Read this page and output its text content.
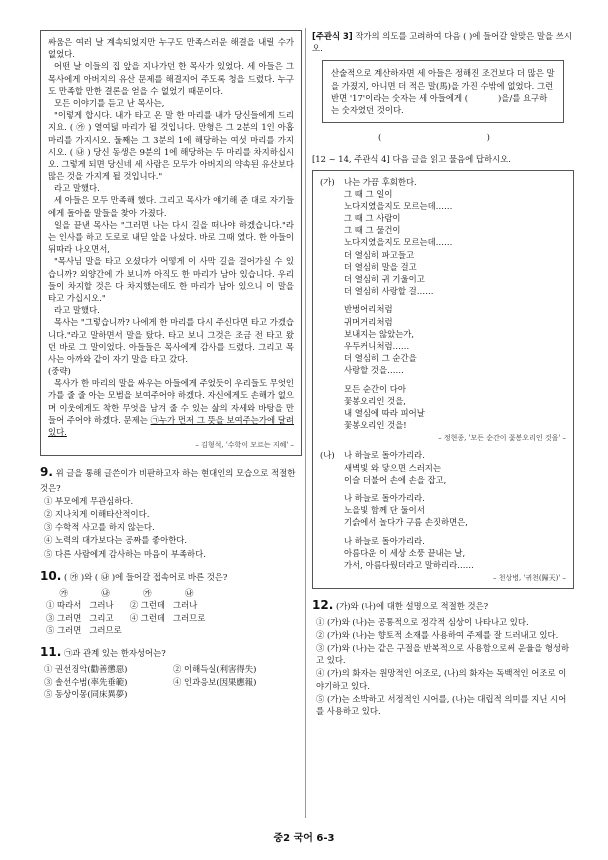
싸움은 여러 날 계속되었지만 누구도 만족스러운 해결을 내릴 수가 없었다.

어떤 날 이들의 집 앞을 지나가던 한 목사가 있었다. 세 아들은 그 목사에게 아버지의 유산 문제를 해결지어 주도록 청을 드렸다. 누구도 만족할 만한 결론을 얻을 수 없었기 때문이다.

모든 이야기를 듣고 난 목사는,

"이렇게 합시다. 내가 타고 온 말 한 마리를 내가 당신들에게 드리지요. ( ㉮ ) 열여덟 마리가 될 것입니다. 만형은 그 2분의 1인 아홉 마리를 가지시오. 둘째는 그 3분의 1에 해당하는 여섯 마리를 가지시오. ( ㉯ ) 당신 동생은 9분의 1에 해당하는 두 마리를 차지하십시오. 그렇게 되면 당신네 세 사람은 모두가 아버지의 약속된 유산보다 많은 것을 가지게 될 것입니다."

라고 말했다.

세 아들은 모두 만족해 했다. 그리고 목사가 얘기해 준 대로 자기들에게 돌아올 말들을 찾아 가졌다.

일을 끝낸 목사는 "그러면 나는 다시 길을 떠나야 하겠습니다."라는 인사를 하고 도로로 내딛 앞을 나섰다. 바로 그때 였다. 한 아들이 뒤따라 나오면서,

"목사님 말을 타고 오셨다가 어떻게 이 사막 길을 걸어가실 수 있습니까? 외양간에 가 보니까 아직도 한 마리가 남아 있습니다. 우리들이 차지할 것은 다 차지했는데도 한 마리가 남아 있으니 이 말을 타고 가십시오."

라고 말했다.

목사는 "그렇습니까? 나에게 한 마리를 다시 주신다면 타고 가겠습니다."라고 말하면서 말을 탔다. 타고 보니 그것은 조금 전 타고 왔던 바로 그 말이었다. 아들들은 목사에게 감사를 드렸다. 그리고 목사는 아까와 같이 자기 말을 타고 갔다.

(중략)

목사가 한 마리의 말을 싸우는 아들에게 주었듯이 우리들도 무엇인가를 줄 줄 아는 모범을 보여주어야 하겠다. 자신에게도 손해가 없으며 이웃에게도 착한 무엇을 남겨 줄 수 있는 삶의 자세와 바탕을 만들어 주어야 하겠다. 문제는 ㉠누가 먼저 그 뜻을 보여주는가에 달려 있다.

– 김형석, '수학이 모르는 지혜' –
9. 위 글을 통해 글쓴이가 비판하고자 하는 현대인의 모습으로 적절한 것은?
① 부모에게 무관심하다.
② 지나치게 이해타산적이다.
③ 수학적 사고를 하지 않는다.
④ 노력의 대가보다는 공짜를 좋아한다.
⑤ 다른 사람에게 감사하는 마음이 부족하다.
10. ( ㉮ )와 ( ㉯ )에 들어갈 접속어로 바른 것은?
㉮	㉯	㉮	㉯
① 따라서	그러나	② 그런데	그러나
③ 그러면	그리고	④ 그런데	그러므로
⑤ 그러면	그러므로		
11. ㉠과 관계 있는 한자성어는?
① 권선징악(勸善懲惡)	② 이해득실(利害得失)
③ 솔선수범(率先垂範)	④ 인과응보(因果應報)
⑤ 동상이몽(同床異夢)
[주관식 3] 작가의 의도를 고려하여 다음 ( )에 들어갈 알맞은 말을 쓰시오.
산술적으로 계산하자면 세 아들은 정해진 조건보다 더 많은 말을 가졌지, 아니면 더 적은 말(馬)을 가진 수밖에 없었다. 그런 반면 '17'이라는 숫자는 세 아들에게 (	)을/를 요구하는 숫자였던 것이다.
(	)
[12 ~ 14, 주관식 4] 다음 글을 읽고 물음에 답하시오.
(가) 나는 가끔 후회한다.
그 때 그 일이
노다지였을지도 모르는데……
그 때 그 사람이
그 때 그 물건이
노다지였을지도 모르는데……
더 열심히 파고들고
더 열심히 말을 걸고
더 열심히 귀 기울이고
더 열심히 사랑할 걸……
반벙어리처럼
귀머거리처럼
보내지는 않았는가,
우두커니처럼……
더 열심히 그 순간을
사랑할 것을……
모든 순간이 다아
꽃봉오리인 것을,
내 열심에 따라 피어날
꽃봉오리인 것을!
– 정현종, '모든 순간이 꽃봉오리인 것을' –
(나) 나 하늘로 돌아가리라.
새벽빛 와 닿으면 스러지는
이슬 더불어 손에 손을 잡고,
나 하늘로 돌아가리라.
노을빛 함께 단 둘이서
기슭에서 놀다가 구름 손짓하면은,
나 하늘로 돌아가리라.
아름다운 이 세상 소풍 끝내는 날,
가서, 아름다웠더라고 말하리라……
– 천상병, '귀천(歸天)' –
12. (가)와 (나)에 대한 설명으로 적절한 것은?
① (가)와 (나)는 공통적으로 정각적 심상이 나타나고 있다.
② (가)와 (나)는 향토적 소재를 사용하여 주제를 잘 드러내고 있다.
③ (가)와 (나)는 같은 구절을 반복적으로 사용함으로써 운율을 형성하고 있다.
④ (가)의 화자는 원망적인 어조로, (나)의 화자는 독백적인 어조로 이야기하고 있다.
⑤ (가)는 소박하고 서정적인 시어를, (나)는 대립적 의미를 지닌 시어를 사용하고 있다.
중2 국어 6-3
